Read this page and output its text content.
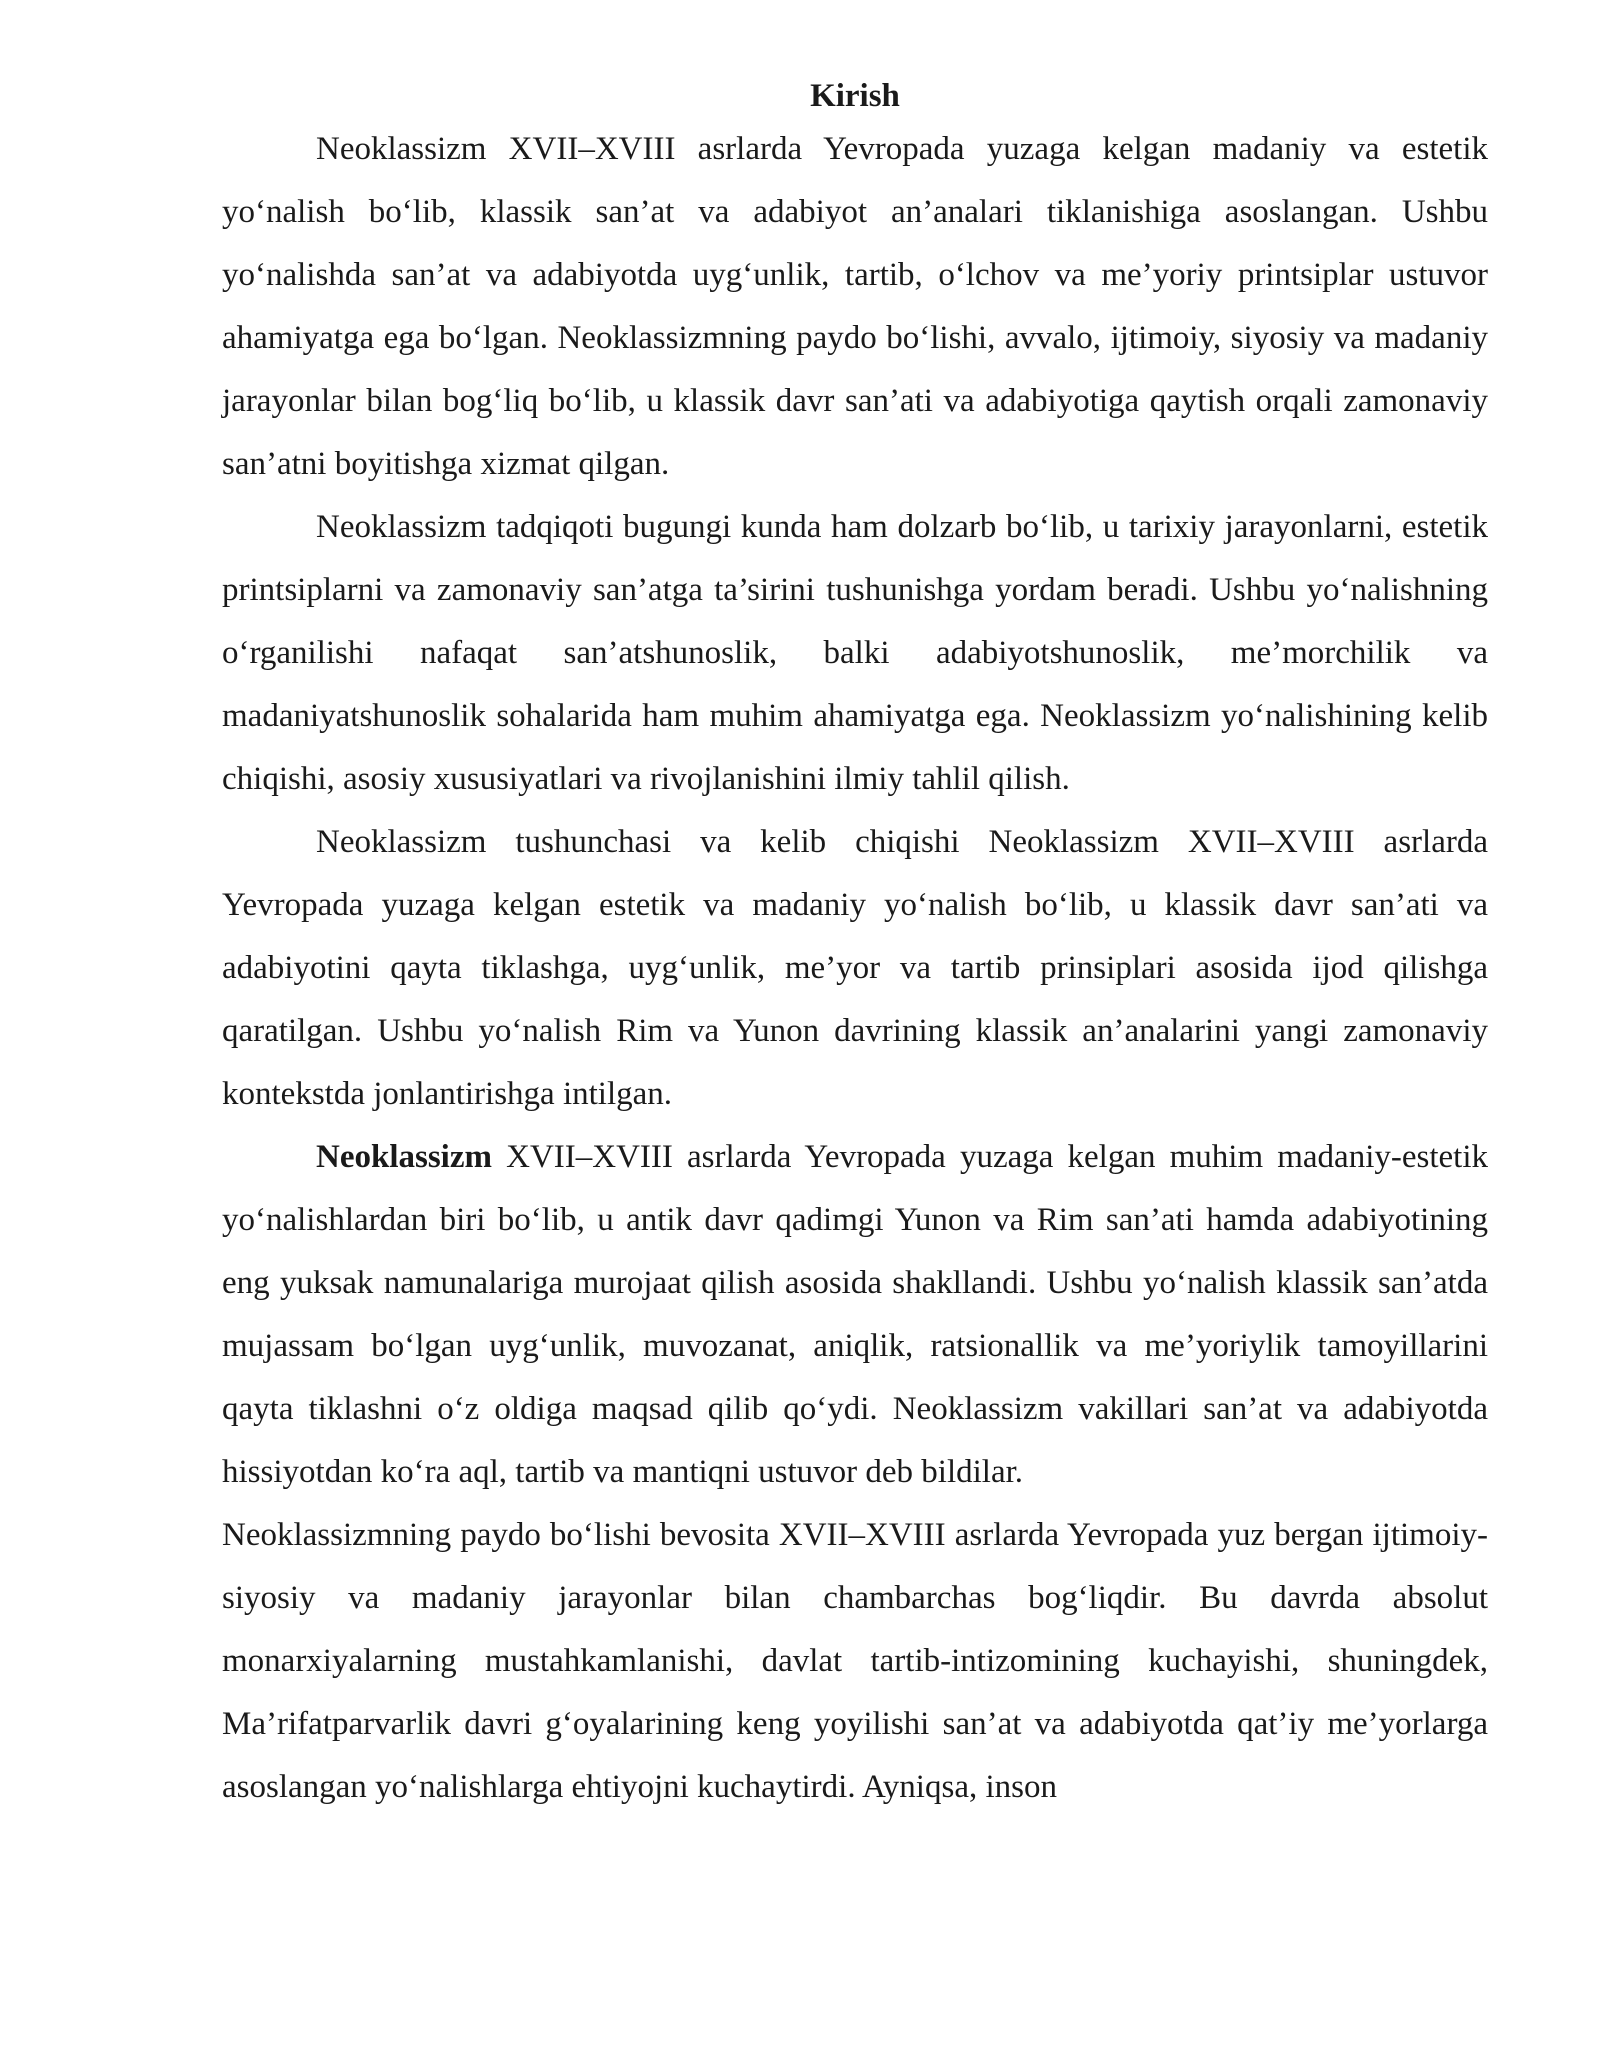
Kirish

Neoklassizm XVII–XVIII asrlarda Yevropada yuzaga kelgan madaniy va estetik yo‘nalish bo‘lib, klassik san’at va adabiyot an’analari tiklanishiga asoslangan. Ushbu yo‘nalishda san’at va adabiyotda uyg‘unlik, tartib, o‘lchov va me’yoriy printsiplar ustuvor ahamiyatga ega bo‘lgan. Neoklassizmning paydo bo‘lishi, avvalo, ijtimoiy, siyosiy va madaniy jarayonlar bilan bog‘liq bo‘lib, u klassik davr san’ati va adabiyotiga qaytish orqali zamonaviy san’atni boyitishga xizmat qilgan.

Neoklassizm tadqiqoti bugungi kunda ham dolzarb bo‘lib, u tarixiy jarayonlarni, estetik printsiplarni va zamonaviy san’atga ta’sirini tushunishga yordam beradi. Ushbu yo‘nalishning o‘rganilishi nafaqat san’atshunoslik, balki adabiyotshunoslik, me’morchilik va madaniyatshunoslik sohalarida ham muhim ahamiyatga ega. Neoklassizm yo‘nalishining kelib chiqishi, asosiy xususiyatlari va rivojlanishini ilmiy tahlil qilish.

Neoklassizm tushunchasi va kelib chiqishi Neoklassizm XVII–XVIII asrlarda Yevropada yuzaga kelgan estetik va madaniy yo‘nalish bo‘lib, u klassik davr san’ati va adabiyotini qayta tiklashga, uyg‘unlik, me’yor va tartib prinsiplari asosida ijod qilishga qaratilgan. Ushbu yo‘nalish Rim va Yunon davrining klassik an’analarini yangi zamonaviy kontekstda jonlantirishga intilgan.

Neoklassizm XVII–XVIII asrlarda Yevropada yuzaga kelgan muhim madaniy-estetik yo‘nalishlardan biri bo‘lib, u antik davr qadimgi Yunon va Rim san’ati hamda adabiyotining eng yuksak namunalariga murojaat qilish asosida shakllandi. Ushbu yo‘nalish klassik san’atda mujassam bo‘lgan uyg‘unlik, muvozanat, aniqlik, ratsionallik va me’yoriylik tamoyillarini qayta tiklashni o‘z oldiga maqsad qilib qo‘ydi. Neoklassizm vakillari san’at va adabiyotda hissiyotdan ko‘ra aql, tartib va mantiqni ustuvor deb bildilar.

Neoklassizmning paydo bo‘lishi bevosita XVII–XVIII asrlarda Yevropada yuz bergan ijtimoiy-siyosiy va madaniy jarayonlar bilan chambarchas bog‘liqdir. Bu davrda absolut monarxiyalarning mustahkamlanishi, davlat tartib-intizomining kuchayishi, shuningdek, Ma’rifatparvarlik davri g‘oyalarining keng yoyilishi san’at va adabiyotda qat’iy me’yorlarga asoslangan yo‘nalishlarga ehtiyojni kuchaytirdi. Ayniqsa, inson
